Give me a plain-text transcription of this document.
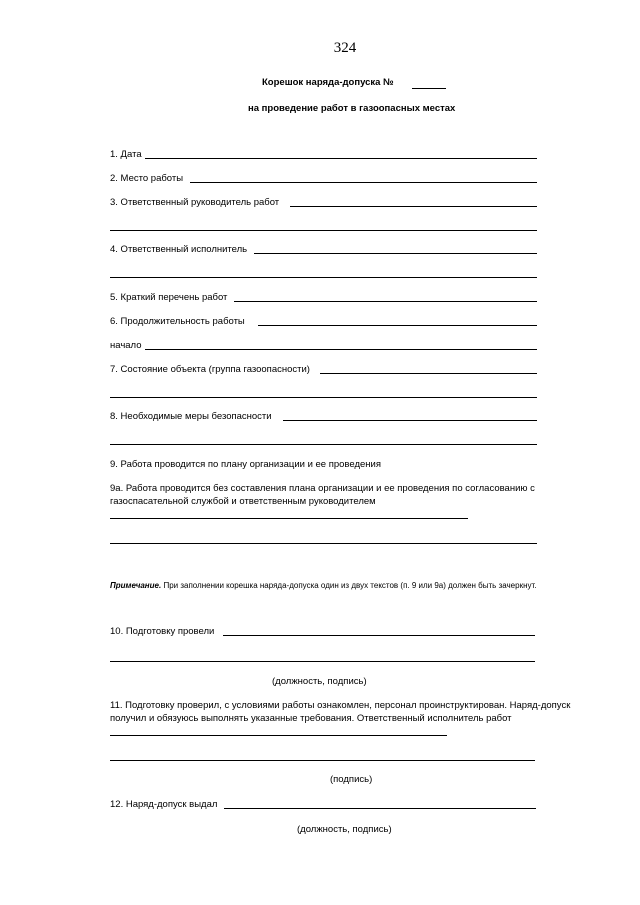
324
Корешок наряда-допуска №
на проведение работ в газоопасных местах
1. Дата
2. Место работы
3. Ответственный руководитель работ
4. Ответственный исполнитель
5. Краткий перечень работ
6. Продолжительность работы
начало
7. Состояние объекта (группа газоопасности)
8. Необходимые меры безопасности
9. Работа проводится по плану организации и ее проведения
9а. Работа проводится без составления плана организации и ее проведения по согласованию с
газоспасательной службой и ответственным руководителем
Примечание. При заполнении корешка наряда-допуска один из двух текстов (п. 9 или 9а) должен быть зачеркнут.
10. Подготовку провели
(должность, подпись)
11. Подготовку проверил, с условиями работы ознакомлен, персонал проинструктирован. Наряд-допуск
получил и обязуюсь выполнять указанные требования. Ответственный исполнитель работ
(подпись)
12. Наряд-допуск выдал
(должность, подпись)
